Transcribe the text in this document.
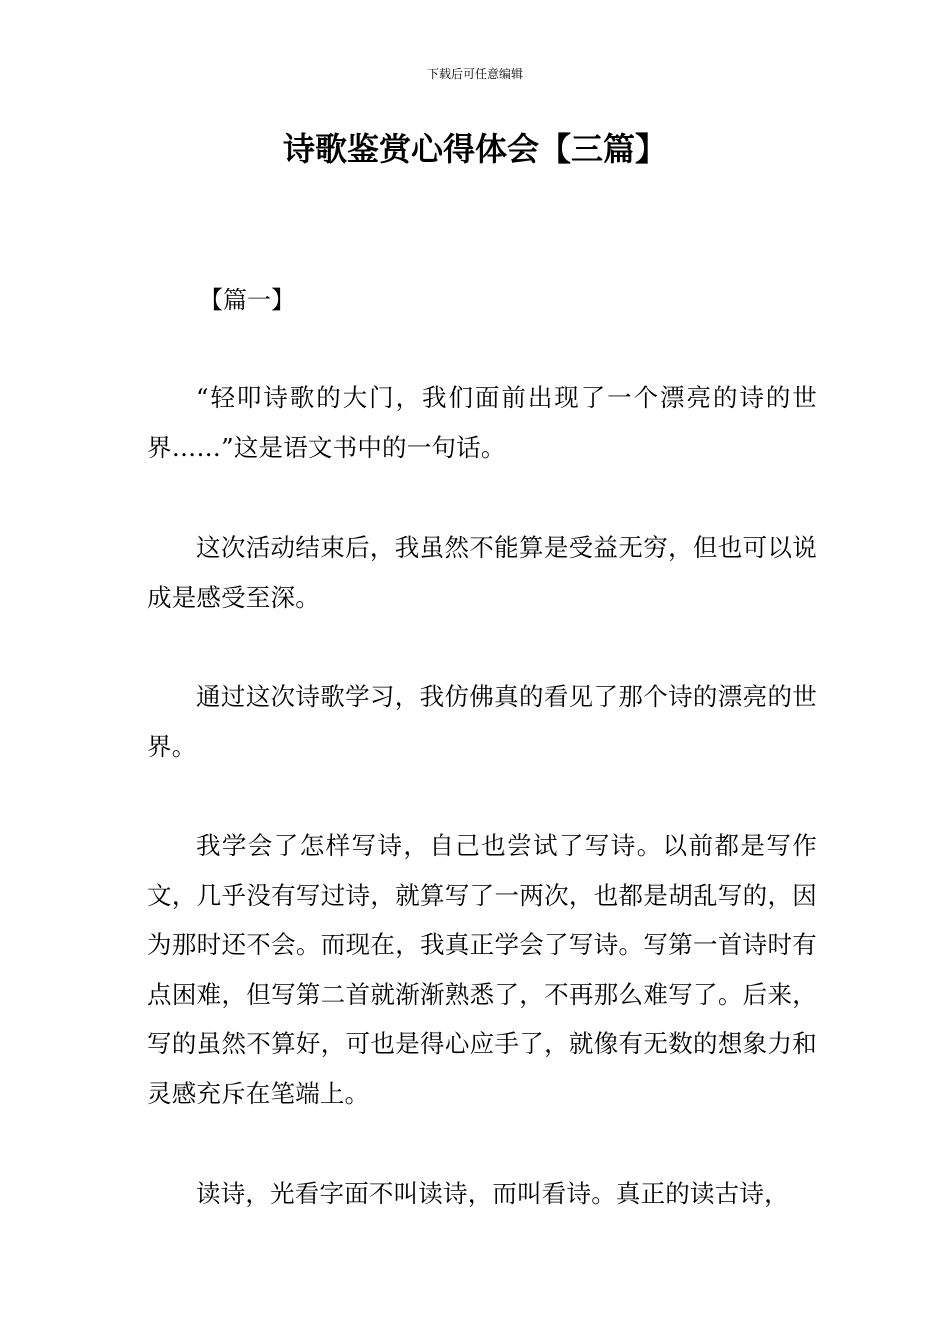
下载后可任意编辑
诗歌鉴赏心得体会【三篇】
【篇一】

“轻叩诗歌的大门，我们面前出现了一个漂亮的诗的世界……”这是语文书中的一句话。

这次活动结束后，我虽然不能算是受益无穷，但也可以说成是感受至深。

通过这次诗歌学习，我仿佛真的看见了那个诗的漂亮的世界。

我学会了怎样写诗，自己也尝试了写诗。以前都是写作文，几乎没有写过诗，就算写了一两次，也都是胡乱写的，因为那时还不会。而现在，我真正学会了写诗。写第一首诗时有点困难，但写第二首就渐渐熟悉了，不再那么难写了。后来，写的虽然不算好，可也是得心应手了，就像有无数的想象力和灵感充斥在笔端上。

读诗，光看字面不叫读诗，而叫看诗。真正的读古诗，
